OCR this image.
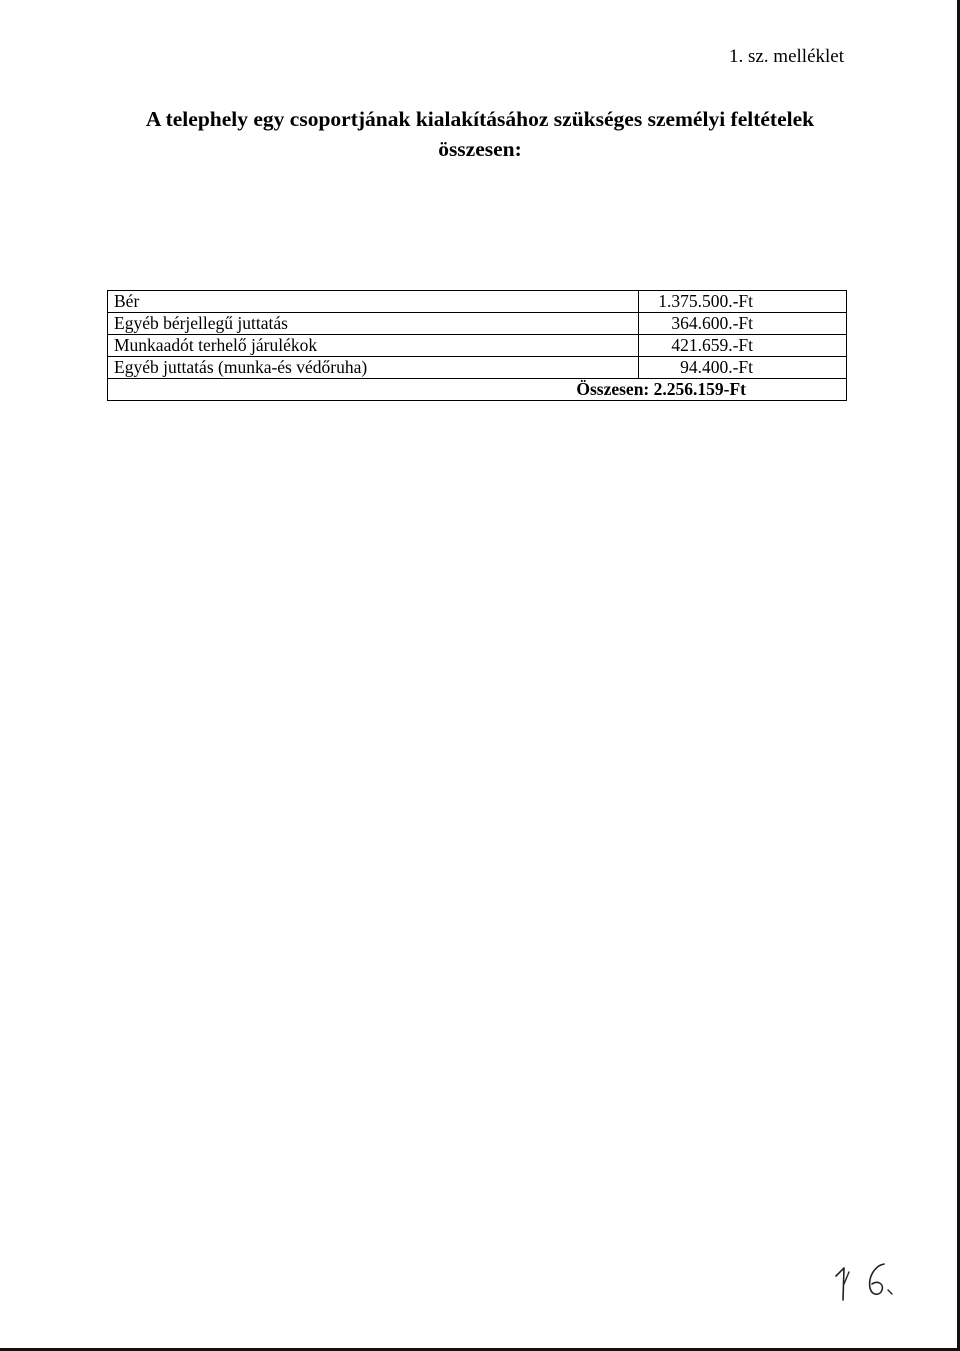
1. sz. melléklet
A telephely egy csoportjának kialakításához szükséges személyi feltételek
összesen:
Bér	1.375.500.-Ft
Egyéb bérjellegű juttatás	364.600.-Ft
Munkaadót terhelő járulékok	421.659.-Ft
Egyéb juttatás (munka-és védőruha)	94.400.-Ft
Összesen: 2.256.159-Ft	
